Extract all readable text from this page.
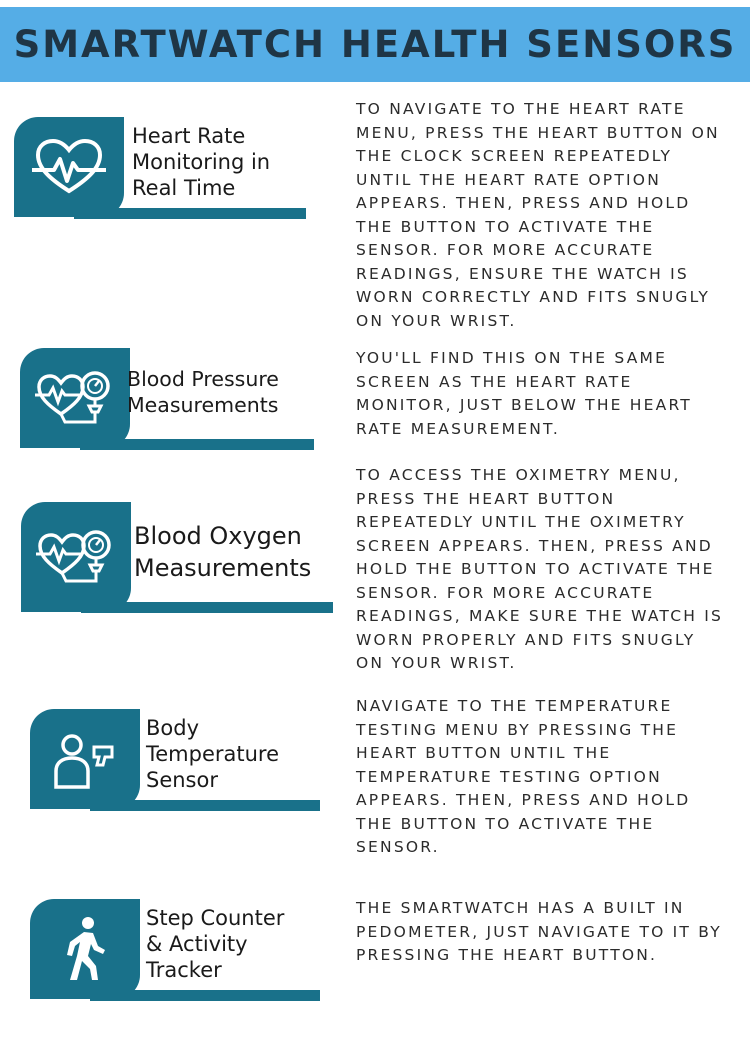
SMARTWATCH HEALTH SENSORS
Heart Rate
Monitoring in
Real Time

TO NAVIGATE TO THE HEART RATE MENU, PRESS THE HEART BUTTON ON THE CLOCK SCREEN REPEATEDLY UNTIL THE HEART RATE OPTION APPEARS. THEN, PRESS AND HOLD THE BUTTON TO ACTIVATE THE SENSOR. FOR MORE ACCURATE READINGS, ENSURE THE WATCH IS WORN CORRECTLY AND FITS SNUGLY ON YOUR WRIST.

Blood Pressure
Measurements

YOU'LL FIND THIS ON THE SAME SCREEN AS THE HEART RATE MONITOR, JUST BELOW THE HEART RATE MEASUREMENT.

Blood Oxygen
Measurements

TO ACCESS THE OXIMETRY MENU, PRESS THE HEART BUTTON REPEATEDLY UNTIL THE OXIMETRY SCREEN APPEARS. THEN, PRESS AND HOLD THE BUTTON TO ACTIVATE THE SENSOR. FOR MORE ACCURATE READINGS, MAKE SURE THE WATCH IS WORN PROPERLY AND FITS SNUGLY ON YOUR WRIST.

Body
Temperature
Sensor

NAVIGATE TO THE TEMPERATURE TESTING MENU BY PRESSING THE HEART BUTTON UNTIL THE TEMPERATURE TESTING OPTION APPEARS. THEN, PRESS AND HOLD THE BUTTON TO ACTIVATE THE SENSOR.

Step Counter
& Activity
Tracker

THE SMARTWATCH HAS A BUILT IN PEDOMETER, JUST NAVIGATE TO IT BY PRESSING THE HEART BUTTON.
